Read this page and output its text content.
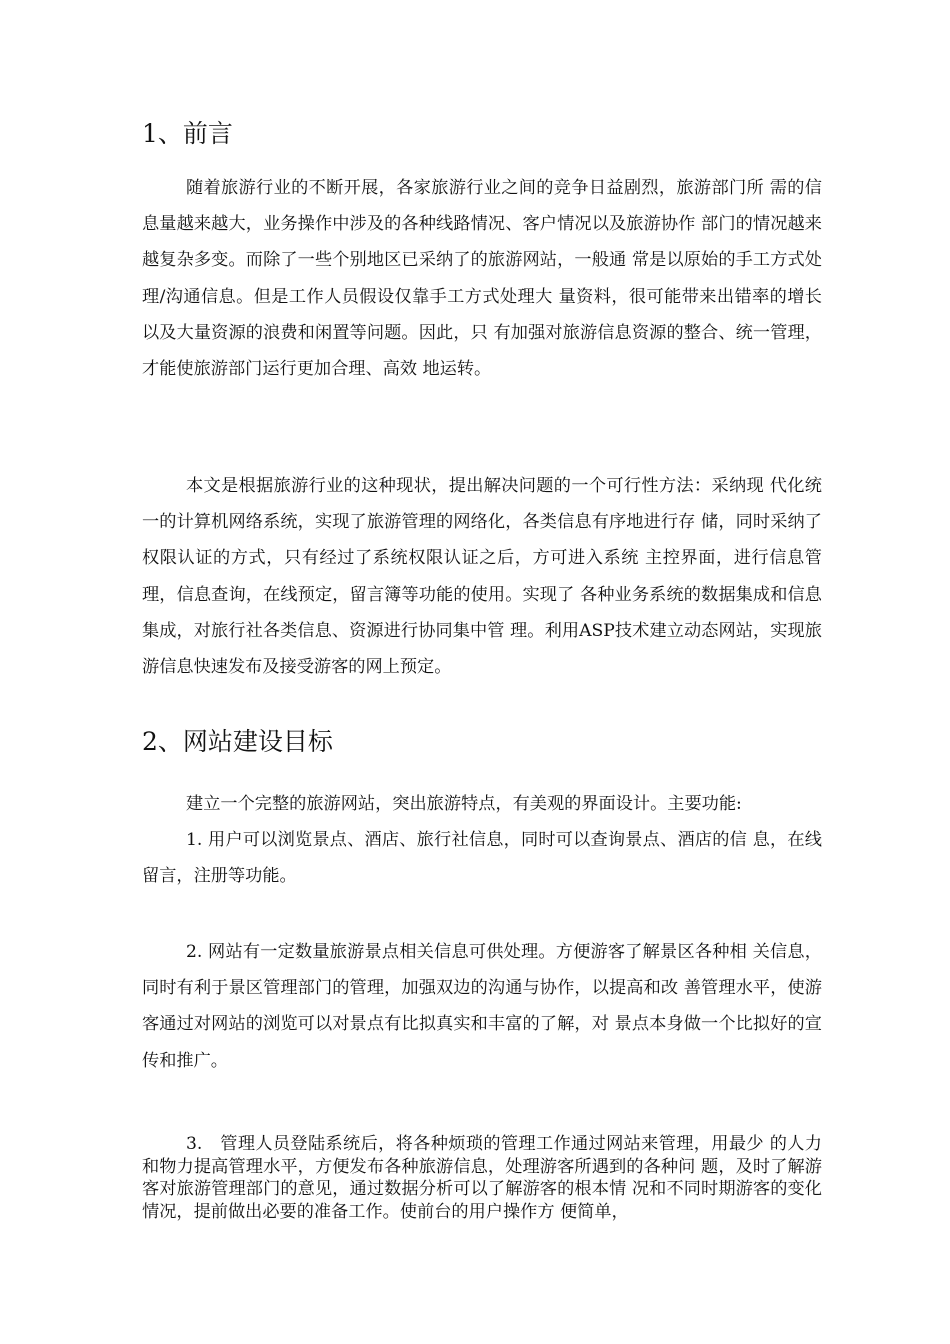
1、前言

随着旅游行业的不断开展，各家旅游行业之间的竞争日益剧烈，旅游部门所 需的信息量越来越大，业务操作中涉及的各种线路情况、客户情况以及旅游协作 部门的情况越来越复杂多变。而除了一些个别地区已采纳了的旅游网站，一般通 常是以原始的手工方式处理/沟通信息。但是工作人员假设仅靠手工方式处理大 量资料，很可能带来出错率的增长以及大量资源的浪费和闲置等问题。因此，只 有加强对旅游信息资源的整合、统一管理，才能使旅游部门运行更加合理、高效 地运转。

本文是根据旅游行业的这种现状，提出解决问题的一个可行性方法：采纳现 代化统一的计算机网络系统，实现了旅游管理的网络化，各类信息有序地进行存 储，同时采纳了权限认证的方式，只有经过了系统权限认证之后，方可进入系统 主控界面，进行信息管理，信息查询，在线预定，留言簿等功能的使用。实现了 各种业务系统的数据集成和信息集成，对旅行社各类信息、资源进行协同集中管 理。利用ASP技术建立动态网站，实现旅游信息快速发布及接受游客的网上预定。

2、网站建设目标

建立一个完整的旅游网站，突出旅游特点，有美观的界面设计。主要功能:

1. 用户可以浏览景点、酒店、旅行社信息，同时可以查询景点、酒店的信 息，在线留言，注册等功能。

2. 网站有一定数量旅游景点相关信息可供处理。方便游客了解景区各种相 关信息，同时有利于景区管理部门的管理，加强双边的沟通与协作，以提高和改 善管理水平，使游客通过对网站的浏览可以对景点有比拟真实和丰富的了解，对 景点本身做一个比拟好的宣传和推广。

3.　管理人员登陆系统后，将各种烦琐的管理工作通过网站来管理，用最少 的人力和物力提高管理水平，方便发布各种旅游信息，处理游客所遇到的各种问 题，及时了解游客对旅游管理部门的意见，通过数据分析可以了解游客的根本情 况和不同时期游客的变化情况，提前做出必要的准备工作。使前台的用户操作方 便简单，
